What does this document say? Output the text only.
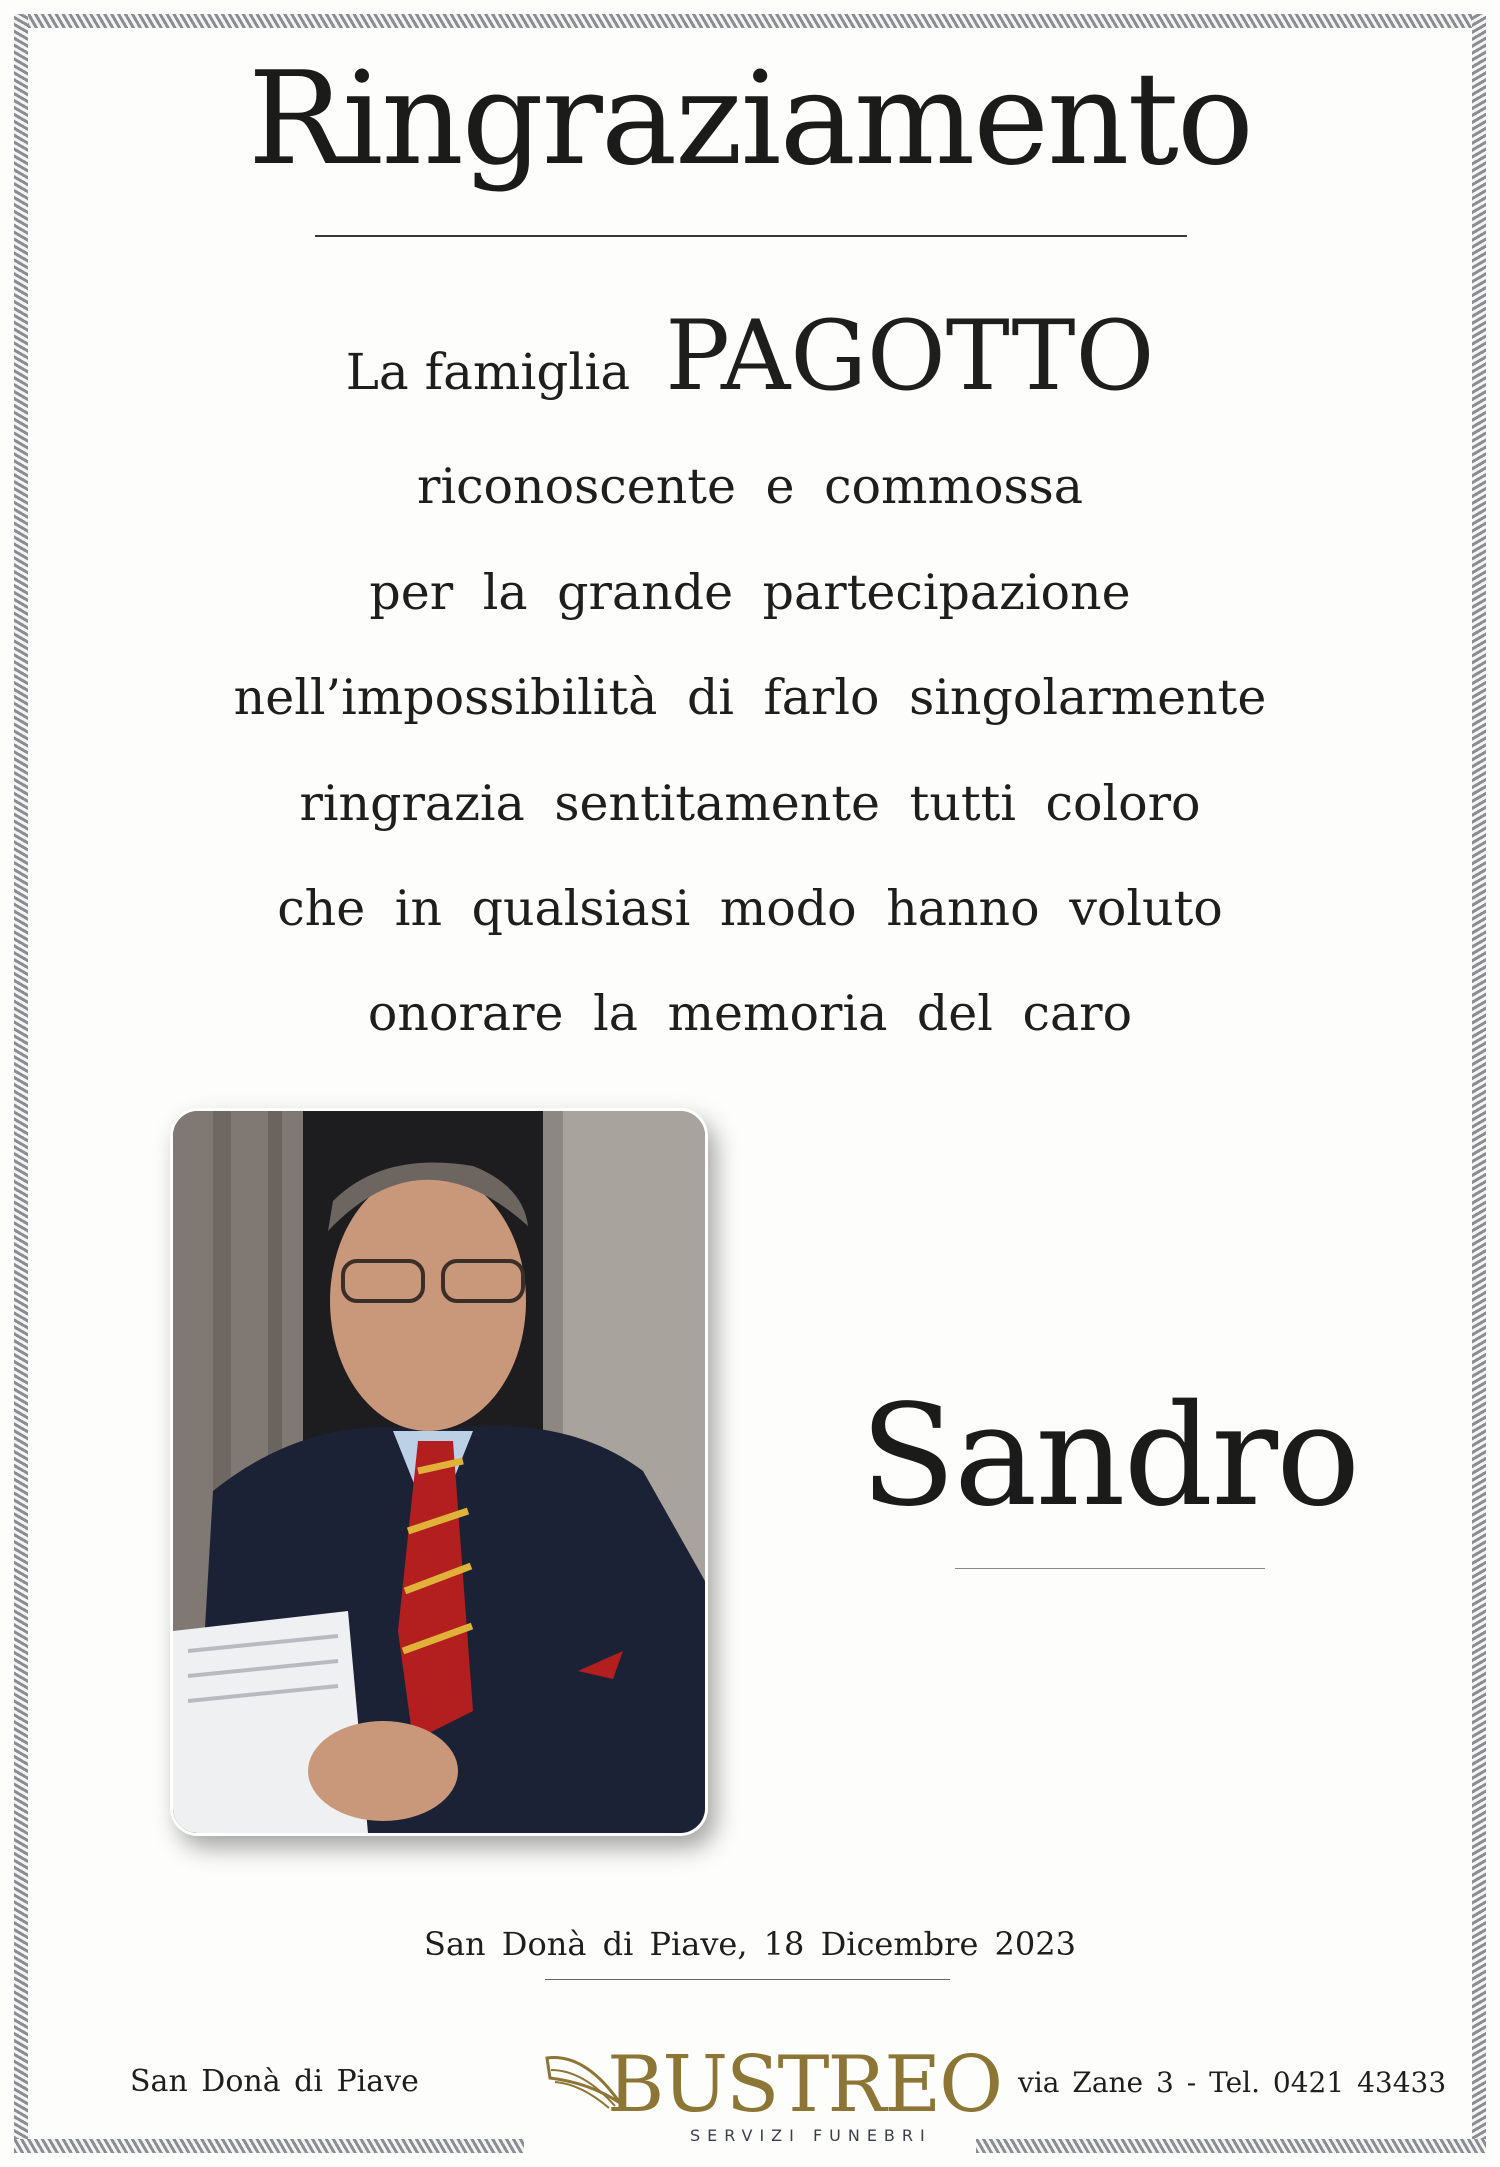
Ringraziamento
La famiglia PAGOTTO
riconoscente e commossa
per la grande partecipazione
nell’impossibilità di farlo singolarmente
ringrazia sentitamente tutti coloro
che in qualsiasi modo hanno voluto
onorare la memoria del caro
Sandro
San Donà di Piave, 18 Dicembre 2023
San Donà di Piave BUSTREO
SERVIZI FUNEBRI
via Zane 3 - Tel. 0421 43433
